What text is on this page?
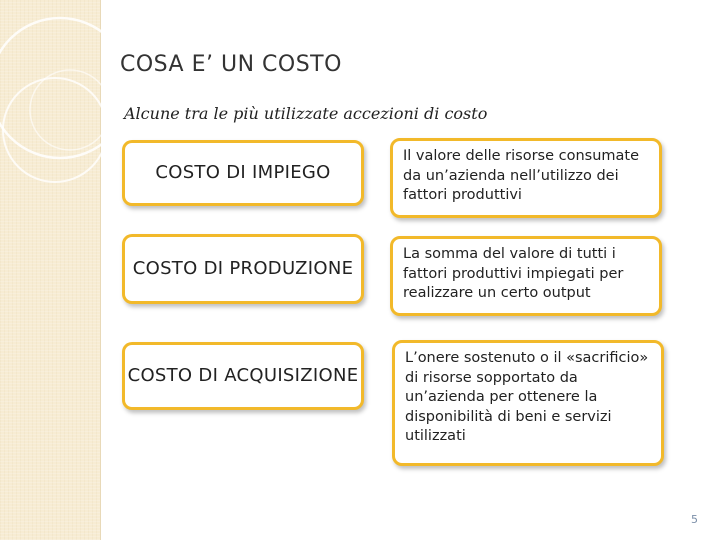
COSA E’ UN COSTO
Alcune tra le più utilizzate accezioni di costo
COSTO DI IMPIEGO
Il valore delle risorse consumate da un’azienda nell’utilizzo dei fattori produttivi
COSTO DI PRODUZIONE
La somma del valore di tutti i fattori produttivi impiegati per realizzare un certo output
COSTO DI ACQUISIZIONE
L’onere sostenuto o il «sacrificio» di risorse sopportato da un’azienda per ottenere la disponibilità di beni e servizi utilizzati
5
